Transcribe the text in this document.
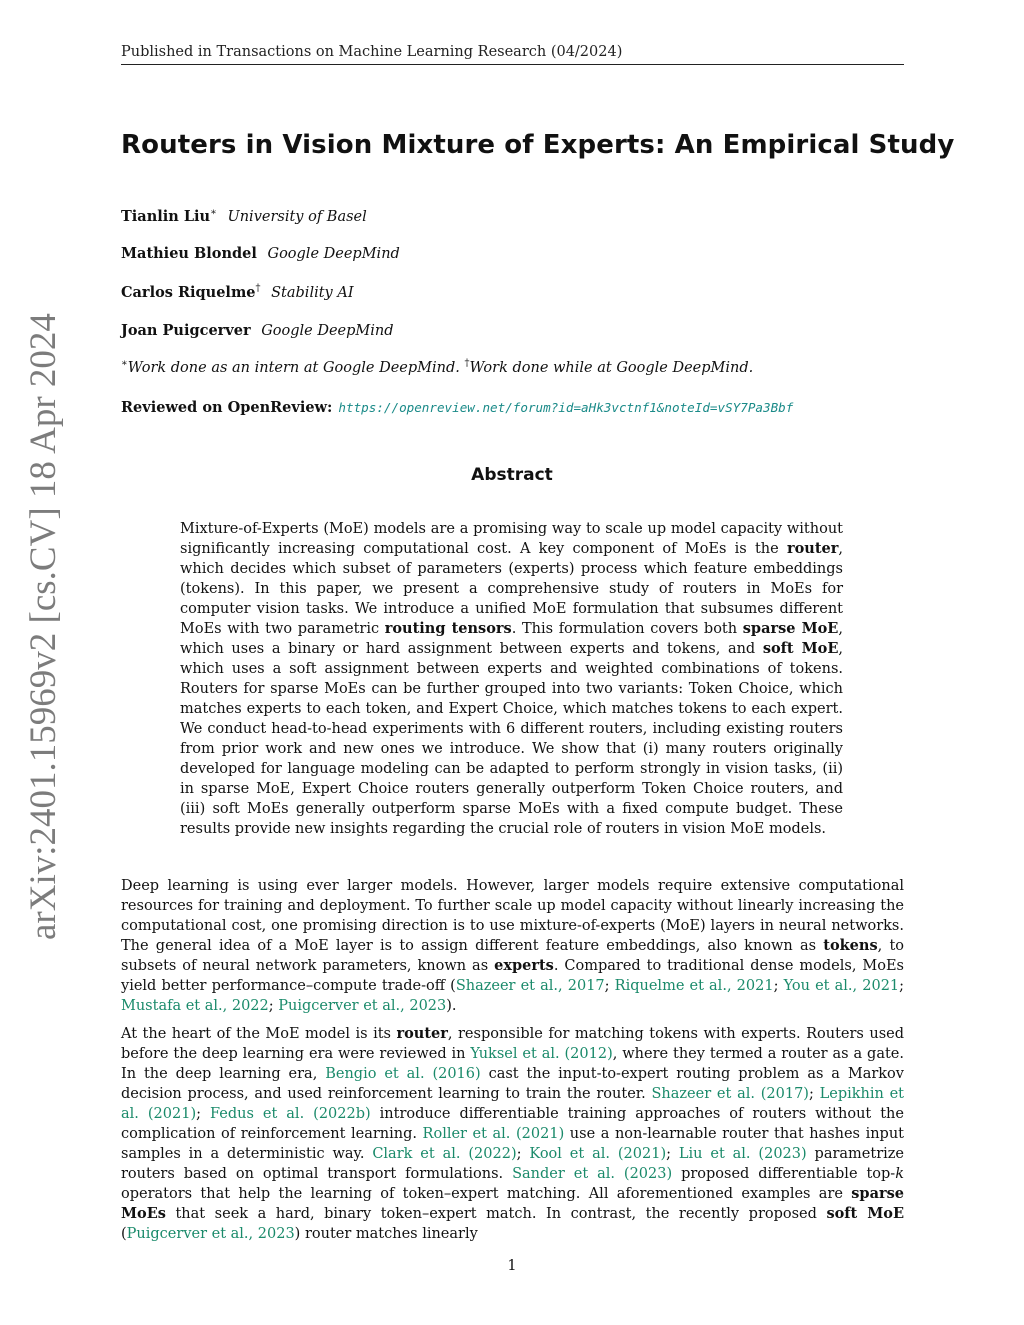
Published in Transactions on Machine Learning Research (04/2024)
arXiv:2401.15969v2 [cs.CV] 18 Apr 2024
Routers in Vision Mixture of Experts: An Empirical Study
Tianlin Liu∗ University of Basel
Mathieu Blondel Google DeepMind
Carlos Riquelme† Stability AI
Joan Puigcerver Google DeepMind
∗Work done as an intern at Google DeepMind. †Work done while at Google DeepMind.
Reviewed on OpenReview: https://openreview.net/forum?id=aHk3vctnf1&noteId=vSY7Pa3Bbf
Abstract

Mixture-of-Experts (MoE) models are a promising way to scale up model capacity without significantly increasing computational cost. A key component of MoEs is the router, which decides which subset of parameters (experts) process which feature embeddings (tokens). In this paper, we present a comprehensive study of routers in MoEs for computer vision tasks. We introduce a unified MoE formulation that subsumes different MoEs with two parametric routing tensors. This formulation covers both sparse MoE, which uses a binary or hard assignment between experts and tokens, and soft MoE, which uses a soft assignment between experts and weighted combinations of tokens. Routers for sparse MoEs can be further grouped into two variants: Token Choice, which matches experts to each token, and Expert Choice, which matches tokens to each expert. We conduct head-to-head experiments with 6 different routers, including existing routers from prior work and new ones we introduce. We show that (i) many routers originally developed for language modeling can be adapted to perform strongly in vision tasks, (ii) in sparse MoE, Expert Choice routers generally outperform Token Choice routers, and (iii) soft MoEs generally outperform sparse MoEs with a fixed compute budget. These results provide new insights regarding the crucial role of routers in vision MoE models.

Deep learning is using ever larger models. However, larger models require extensive computational resources for training and deployment. To further scale up model capacity without linearly increasing the computational cost, one promising direction is to use mixture-of-experts (MoE) layers in neural networks. The general idea of a MoE layer is to assign different feature embeddings, also known as tokens, to subsets of neural network parameters, known as experts. Compared to traditional dense models, MoEs yield better performance–compute trade-off (Shazeer et al., 2017; Riquelme et al., 2021; You et al., 2021; Mustafa et al., 2022; Puigcerver et al., 2023).

At the heart of the MoE model is its router, responsible for matching tokens with experts. Routers used before the deep learning era were reviewed in Yuksel et al. (2012), where they termed a router as a gate. In the deep learning era, Bengio et al. (2016) cast the input-to-expert routing problem as a Markov decision process, and used reinforcement learning to train the router. Shazeer et al. (2017); Lepikhin et al. (2021); Fedus et al. (2022b) introduce differentiable training approaches of routers without the complication of reinforcement learning. Roller et al. (2021) use a non-learnable router that hashes input samples in a deterministic way. Clark et al. (2022); Kool et al. (2021); Liu et al. (2023) parametrize routers based on optimal transport formulations. Sander et al. (2023) proposed differentiable top-k operators that help the learning of token–expert matching. All aforementioned examples are sparse MoEs that seek a hard, binary token–expert match. In contrast, the recently proposed soft MoE (Puigcerver et al., 2023) router matches linearly

1
